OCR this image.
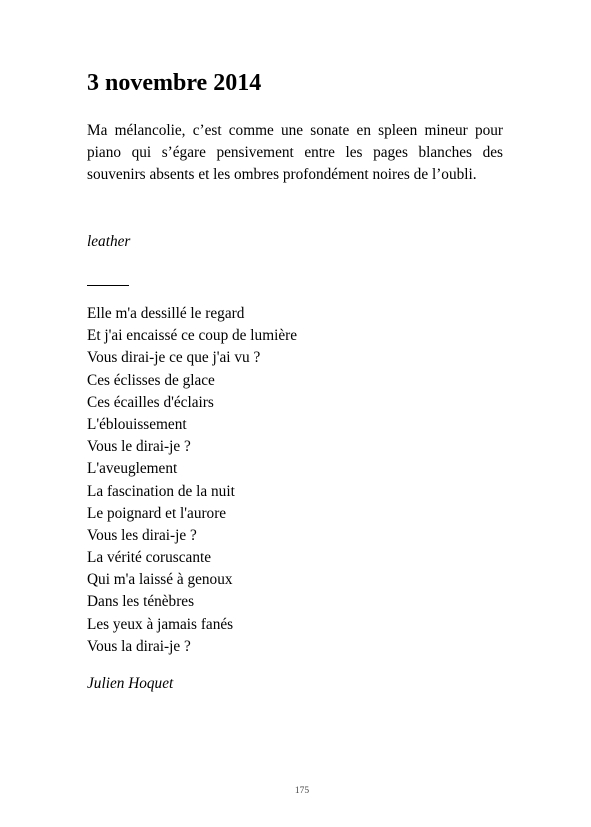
3 novembre 2014

Ma mélancolie, c’est comme une sonate en spleen mineur pour piano qui s’égare pensivement entre les pages blanches des souvenirs absents et les ombres profondément noires de l’oubli.

leather

Elle m'a dessillé le regard
Et j'ai encaissé ce coup de lumière
Vous dirai-je ce que j'ai vu ?
Ces éclisses de glace
Ces écailles d'éclairs
L'éblouissement
Vous le dirai-je ?
L'aveuglement
La fascination de la nuit
Le poignard et l'aurore
Vous les dirai-je ?
La vérité coruscante
Qui m'a laissé à genoux
Dans les ténèbres
Les yeux à jamais fanés
Vous la dirai-je ?

Julien Hoquet

175
